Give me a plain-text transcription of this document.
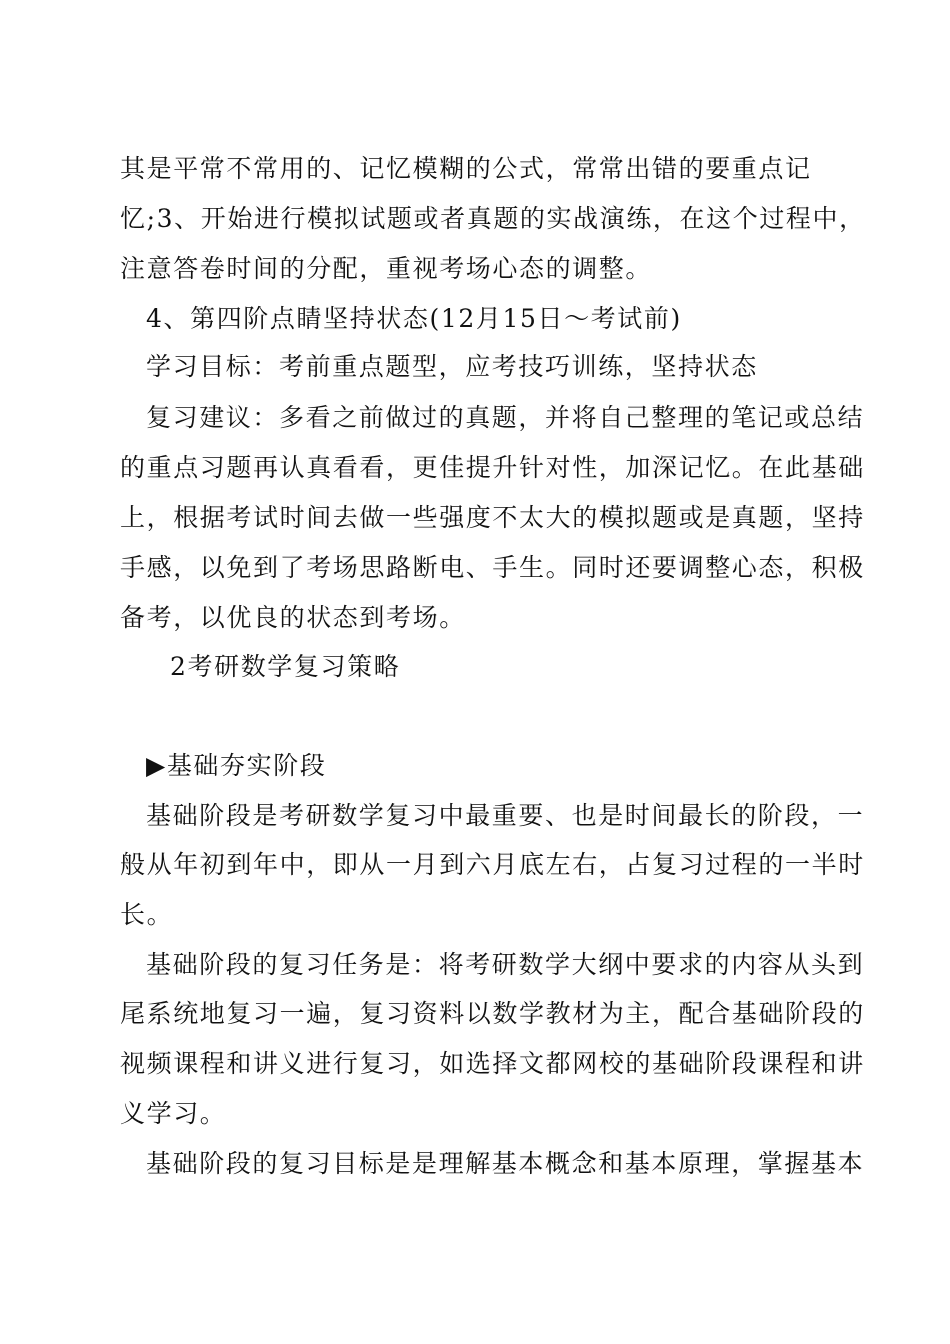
其是平常不常用的、记忆模糊的公式，常常出错的要重点记
忆;3、开始进行模拟试题或者真题的实战演练，在这个过程中，
注意答卷时间的分配，重视考场心态的调整。
4、第四阶点睛坚持状态(12月15日～考试前)
学习目标：考前重点题型，应考技巧训练，坚持状态
复习建议：多看之前做过的真题，并将自己整理的笔记或总结
的重点习题再认真看看，更佳提升针对性，加深记忆。在此基础
上，根据考试时间去做一些强度不太大的模拟题或是真题，坚持
手感，以免到了考场思路断电、手生。同时还要调整心态，积极
备考，以优良的状态到考场。
2考研数学复习策略
▶基础夯实阶段
基础阶段是考研数学复习中最重要、也是时间最长的阶段，一
般从年初到年中，即从一月到六月底左右，占复习过程的一半时
长。
基础阶段的复习任务是：将考研数学大纲中要求的内容从头到
尾系统地复习一遍，复习资料以数学教材为主，配合基础阶段的
视频课程和讲义进行复习，如选择文都网校的基础阶段课程和讲
义学习。
基础阶段的复习目标是是理解基本概念和基本原理，掌握基本
